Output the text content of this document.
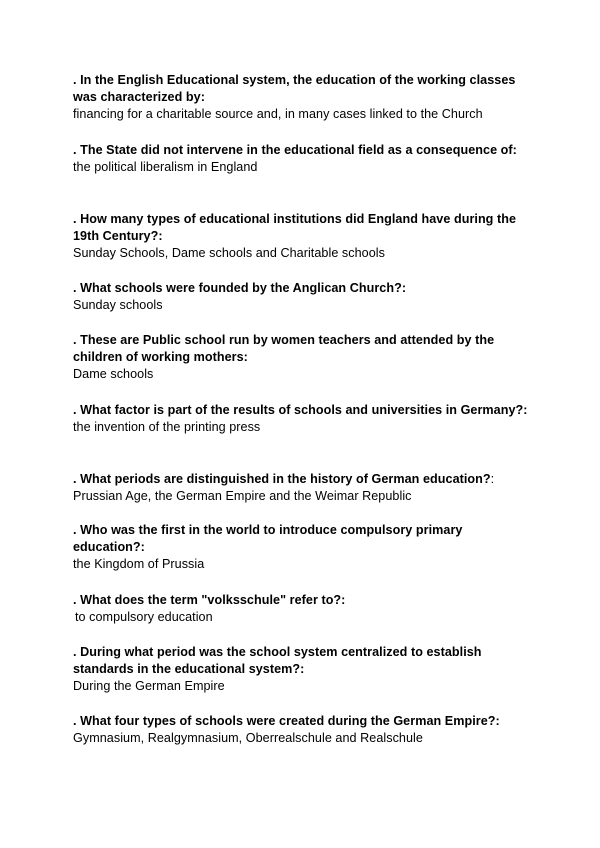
. In the English Educational system, the education of the working classes was characterized by:

financing for a charitable source and, in many cases linked to the Church

. The State did not intervene in the educational field as a consequence of:

the political liberalism in England

. How many types of educational institutions did England have during the 19th Century?:

Sunday Schools, Dame schools and Charitable schools

. What schools were founded by the Anglican Church?:

Sunday schools

. These are Public school run by women teachers and attended by the children of working mothers:

Dame schools

. What factor is part of the results of schools and universities in Germany?:

the invention of the printing press

. What periods are distinguished in the history of German education?:

Prussian Age, the German Empire and the Weimar Republic

. Who was the first in the world to introduce compulsory primary education?:

the Kingdom of Prussia

. What does the term "volksschule" refer to?:

to compulsory education

. During what period was the school system centralized to establish standards in the educational system?:

During the German Empire

. What four types of schools were created during the German Empire?:

Gymnasium, Realgymnasium, Oberrealschule and Realschule
